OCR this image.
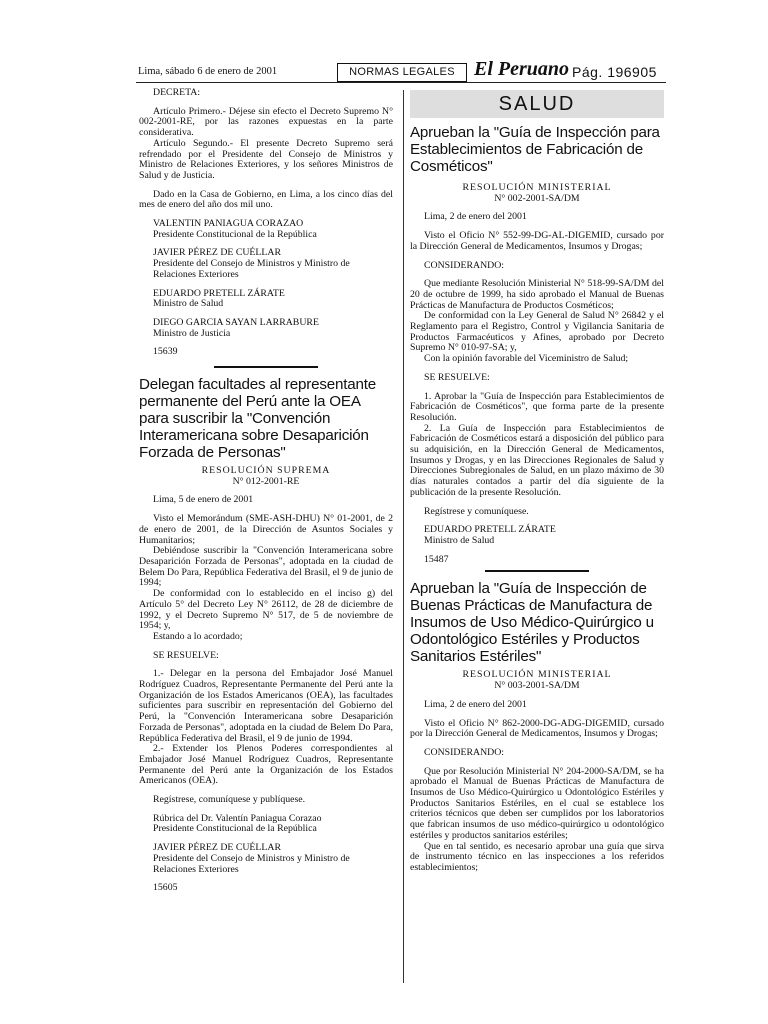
Lima, sábado 6 de enero de 2001	NORMAS LEGALES El Peruano Pág. 196905

DECRETA:

Artículo Primero.- Déjese sin efecto el Decreto Supremo N° 002-2001-RE, por las razones expuestas en la parte considerativa.

Artículo Segundo.- El presente Decreto Supremo será refrendado por el Presidente del Consejo de Ministros y Ministro de Relaciones Exteriores, y los señores Ministros de Salud y de Justicia.

Dado en la Casa de Gobierno, en Lima, a los cinco días del mes de enero del año dos mil uno.

VALENTIN PANIAGUA CORAZAO

Presidente Constitucional de la República

JAVIER PÉREZ DE CUÉLLAR

Presidente del Consejo de Ministros y Ministro de Relaciones Exteriores

EDUARDO PRETELL ZÁRATE

Ministro de Salud

DIEGO GARCIA SAYAN LARRABURE

Ministro de Justicia

15639

Delegan facultades al representante permanente del Perú ante la OEA para suscribir la "Convención Interamericana sobre Desaparición Forzada de Personas"

RESOLUCIÓN SUPREMA

N° 012-2001-RE

Lima, 5 de enero de 2001

Visto el Memorándum (SME-ASH-DHU) N° 01-2001, de 2 de enero de 2001, de la Dirección de Asuntos Sociales y Humanitarios;

Debiéndose suscribir la "Convención Interamericana sobre Desaparición Forzada de Personas", adoptada en la ciudad de Belem Do Para, República Federativa del Brasil, el 9 de junio de 1994;

De conformidad con lo establecido en el inciso g) del Artículo 5° del Decreto Ley N° 26112, de 28 de diciembre de 1992, y el Decreto Supremo N° 517, de 5 de noviembre de 1954; y,

Estando a lo acordado;

SE RESUELVE:

1.- Delegar en la persona del Embajador José Manuel Rodríguez Cuadros, Representante Permanente del Perú ante la Organización de los Estados Americanos (OEA), las facultades suficientes para suscribir en representación del Gobierno del Perú, la "Convención Interamericana sobre Desaparición Forzada de Personas", adoptada en la ciudad de Belem Do Para, República Federativa del Brasil, el 9 de junio de 1994.

2.- Extender los Plenos Poderes correspondientes al Embajador José Manuel Rodríguez Cuadros, Representante Permanente del Perú ante la Organización de los Estados Americanos (OEA).

Regístrese, comuníquese y publíquese.

Rúbrica del Dr. Valentín Paniagua Corazao

Presidente Constitucional de la República

JAVIER PÉREZ DE CUÉLLAR

Presidente del Consejo de Ministros y Ministro de Relaciones Exteriores

15605

SALUD

Aprueban la "Guía de Inspección para Establecimientos de Fabricación de Cosméticos"

RESOLUCIÓN MINISTERIAL

N° 002-2001-SA/DM

Lima, 2 de enero del 2001

Visto el Oficio N° 552-99-DG-AL-DIGEMID, cursado por la Dirección General de Medicamentos, Insumos y Drogas;

CONSIDERANDO:

Que mediante Resolución Ministerial N° 518-99-SA/DM del 20 de octubre de 1999, ha sido aprobado el Manual de Buenas Prácticas de Manufactura de Productos Cosméticos;

De conformidad con la Ley General de Salud N° 26842 y el Reglamento para el Registro, Control y Vigilancia Sanitaria de Productos Farmacéuticos y Afines, aprobado por Decreto Supremo N° 010-97-SA; y,

Con la opinión favorable del Viceministro de Salud;

SE RESUELVE:

1. Aprobar la "Guía de Inspección para Establecimientos de Fabricación de Cosméticos", que forma parte de la presente Resolución.

2. La Guía de Inspección para Establecimientos de Fabricación de Cosméticos estará a disposición del público para su adquisición, en la Dirección General de Medicamentos, Insumos y Drogas, y en las Direcciones Regionales de Salud y Direcciones Subregionales de Salud, en un plazo máximo de 30 días naturales contados a partir del día siguiente de la publicación de la presente Resolución.

Regístrese y comuníquese.

EDUARDO PRETELL ZÁRATE

Ministro de Salud

15487

Aprueban la "Guía de Inspección de Buenas Prácticas de Manufactura de Insumos de Uso Médico-Quirúrgico u Odontológico Estériles y Productos Sanitarios Estériles"

RESOLUCIÓN MINISTERIAL

N° 003-2001-SA/DM

Lima, 2 de enero del 2001

Visto el Oficio N° 862-2000-DG-ADG-DIGEMID, cursado por la Dirección General de Medicamentos, Insumos y Drogas;

CONSIDERANDO:

Que por Resolución Ministerial N° 204-2000-SA/DM, se ha aprobado el Manual de Buenas Prácticas de Manufactura de Insumos de Uso Médico-Quirúrgico u Odontológico Estériles y Productos Sanitarios Estériles, en el cual se establece los criterios técnicos que deben ser cumplidos por los laboratorios que fabrican insumos de uso médico-quirúrgico u odontológico estériles y productos sanitarios estériles;

Que en tal sentido, es necesario aprobar una guía que sirva de instrumento técnico en las inspecciones a los referidos establecimientos;
